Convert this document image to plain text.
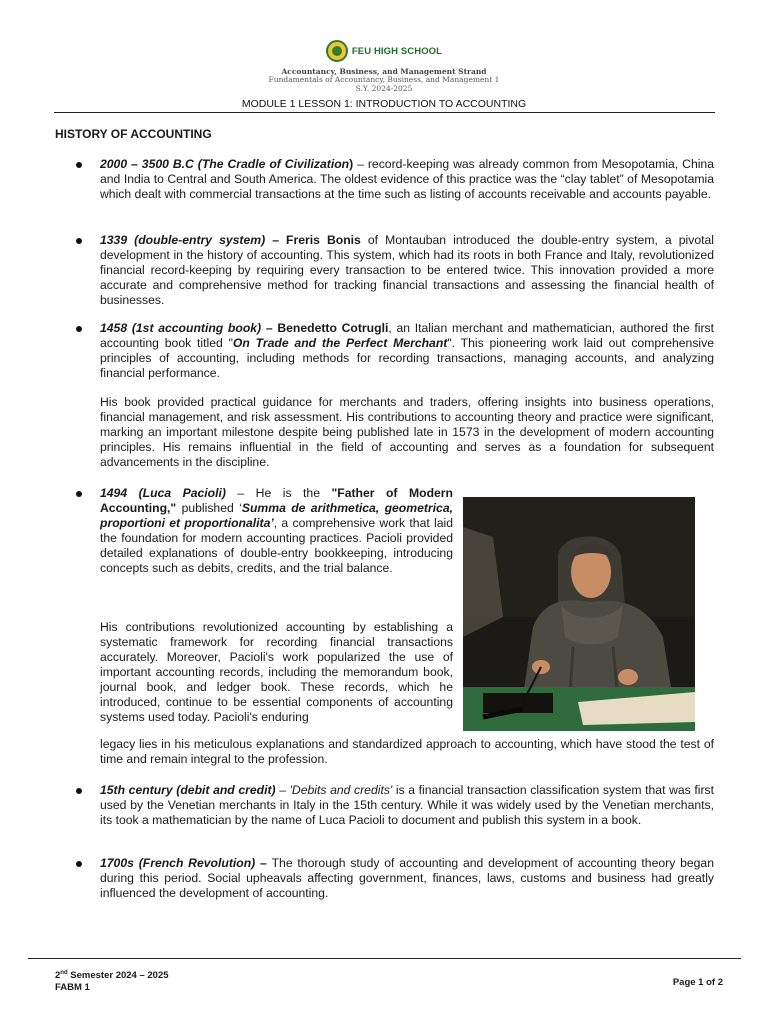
FEU HIGH SCHOOL
Accountancy, Business, and Management Strand
Fundamentals of Accountancy, Business, and Management 1
S.Y. 2024-2025
MODULE 1 LESSON 1: INTRODUCTION TO ACCOUNTING
HISTORY OF ACCOUNTING
2000 – 3500 B.C (The Cradle of Civilization) – record-keeping was already common from Mesopotamia, China and India to Central and South America. The oldest evidence of this practice was the “clay tablet” of Mesopotamia which dealt with commercial transactions at the time such as listing of accounts receivable and accounts payable.
1339 (double-entry system) – Freris Bonis of Montauban introduced the double-entry system, a pivotal development in the history of accounting. This system, which had its roots in both France and Italy, revolutionized financial record-keeping by requiring every transaction to be entered twice. This innovation provided a more accurate and comprehensive method for tracking financial transactions and assessing the financial health of businesses.
1458 (1st accounting book) – Benedetto Cotrugli, an Italian merchant and mathematician, authored the first accounting book titled "On Trade and the Perfect Merchant". This pioneering work laid out comprehensive principles of accounting, including methods for recording transactions, managing accounts, and analyzing financial performance.
His book provided practical guidance for merchants and traders, offering insights into business operations, financial management, and risk assessment. His contributions to accounting theory and practice were significant, marking an important milestone despite being published late in 1573 in the development of modern accounting principles. His remains influential in the field of accounting and serves as a foundation for subsequent advancements in the discipline.
1494 (Luca Pacioli) – He is the "Father of Modern Accounting," published ‘Summa de arithmetica, geometrica, proportioni et proportionalita’, a comprehensive work that laid the foundation for modern accounting practices. Pacioli provided detailed explanations of double-entry bookkeeping, introducing concepts such as debits, credits, and the trial balance.
His contributions revolutionized accounting by establishing a systematic framework for recording financial transactions accurately. Moreover, Pacioli's work popularized the use of important accounting records, including the memorandum book, journal book, and ledger book. These records, which he introduced, continue to be essential components of accounting systems used today. Pacioli's enduring
legacy lies in his meticulous explanations and standardized approach to accounting, which have stood the test of time and remain integral to the profession.
15th century (debit and credit) – 'Debits and credits' is a financial transaction classification system that was first used by the Venetian merchants in Italy in the 15th century. While it was widely used by the Venetian merchants, its took a mathematician by the name of Luca Pacioli to document and publish this system in a book.
1700s (French Revolution) – The thorough study of accounting and development of accounting theory began during this period. Social upheavals affecting government, finances, laws, customs and business had greatly influenced the development of accounting.
2nd Semester 2024 – 2025
FABM 1	Page 1 of 2
